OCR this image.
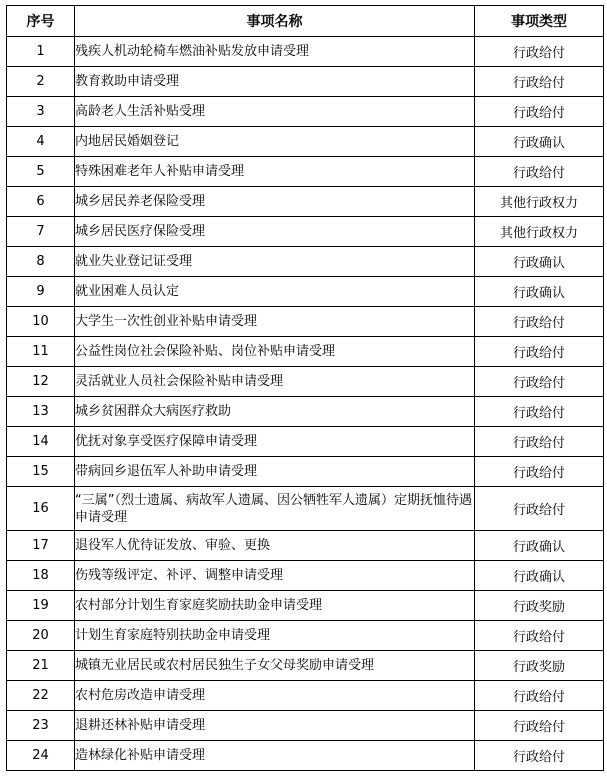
序号	事项名称	事项类型
1	残疾人机动轮椅车燃油补贴发放申请受理	行政给付
2	教育救助申请受理	行政给付
3	高龄老人生活补贴受理	行政给付
4	内地居民婚姻登记	行政确认
5	特殊困难老年人补贴申请受理	行政给付
6	城乡居民养老保险受理	其他行政权力
7	城乡居民医疗保险受理	其他行政权力
8	就业失业登记证受理	行政确认
9	就业困难人员认定	行政确认
10	大学生一次性创业补贴申请受理	行政给付
11	公益性岗位社会保险补贴、岗位补贴申请受理	行政给付
12	灵活就业人员社会保险补贴申请受理	行政给付
13	城乡贫困群众大病医疗救助	行政给付
14	优抚对象享受医疗保障申请受理	行政给付
15	带病回乡退伍军人补助申请受理	行政给付
16	“三属”（烈士遗属、病故军人遗属、因公牺牲军人遗属）定期抚恤待遇申请受理	行政给付
17	退役军人优待证发放、审验、更换	行政确认
18	伤残等级评定、补评、调整申请受理	行政确认
19	农村部分计划生育家庭奖励扶助金申请受理	行政奖励
20	计划生育家庭特别扶助金申请受理	行政给付
21	城镇无业居民或农村居民独生子女父母奖励申请受理	行政奖励
22	农村危房改造申请受理	行政给付
23	退耕还林补贴申请受理	行政给付
24	造林绿化补贴申请受理	行政给付
